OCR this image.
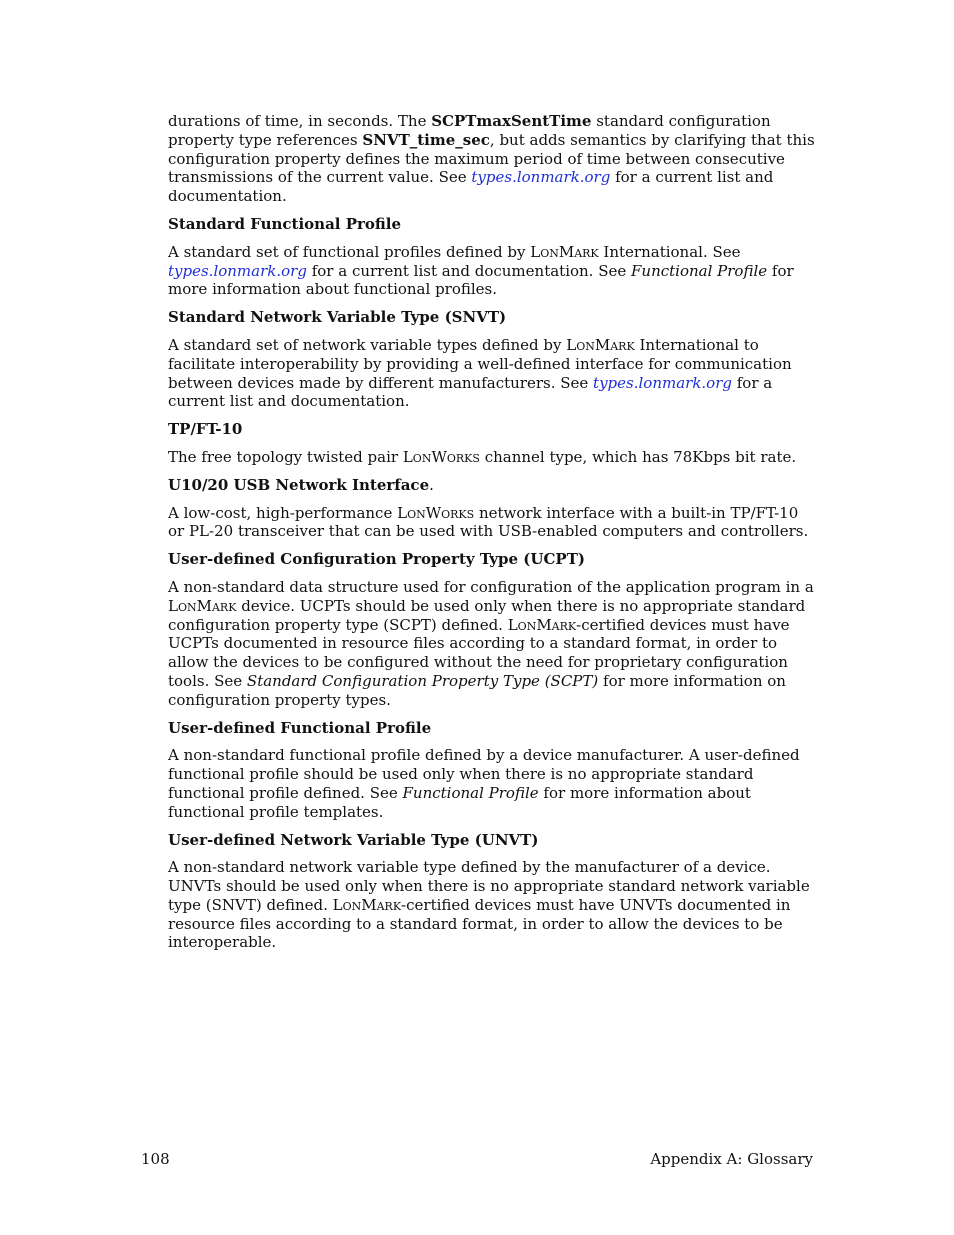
durations of time, in seconds. The SCPTmaxSentTime standard configuration property type references SNVT_time_sec, but adds semantics by clarifying that this configuration property defines the maximum period of time between consecutive transmissions of the current value. See types.lonmark.org for a current list and documentation.

Standard Functional Profile

A standard set of functional profiles defined by LonMark International. See
types.lonmark.org for a current list and documentation. See Functional Profile for more information about functional profiles.

Standard Network Variable Type (SNVT)

A standard set of network variable types defined by LonMark International to facilitate interoperability by providing a well-defined interface for communication between devices made by different manufacturers. See types.lonmark.org for a current list and documentation.

TP/FT-10

The free topology twisted pair LonWorks channel type, which has 78Kbps bit rate.

U10/20 USB Network Interface.

A low-cost, high-performance LonWorks network interface with a built-in TP/FT-10 or PL-20 transceiver that can be used with USB-enabled computers and controllers.

User-defined Configuration Property Type (UCPT)

A non-standard data structure used for configuration of the application program in a LonMark device. UCPTs should be used only when there is no appropriate standard configuration property type (SCPT) defined. LonMark-certified devices must have UCPTs documented in resource files according to a standard format, in order to allow the devices to be configured without the need for proprietary configuration tools. See Standard Configuration Property Type (SCPT) for more information on configuration property types.

User-defined Functional Profile

A non-standard functional profile defined by a device manufacturer. A user-defined functional profile should be used only when there is no appropriate standard functional profile defined. See Functional Profile for more information about functional profile templates.

User-defined Network Variable Type (UNVT)

A non-standard network variable type defined by the manufacturer of a device. UNVTs should be used only when there is no appropriate standard network variable type (SNVT) defined. LonMark-certified devices must have UNVTs documented in resource files according to a standard format, in order to allow the devices to be interoperable.

108	Appendix A: Glossary
